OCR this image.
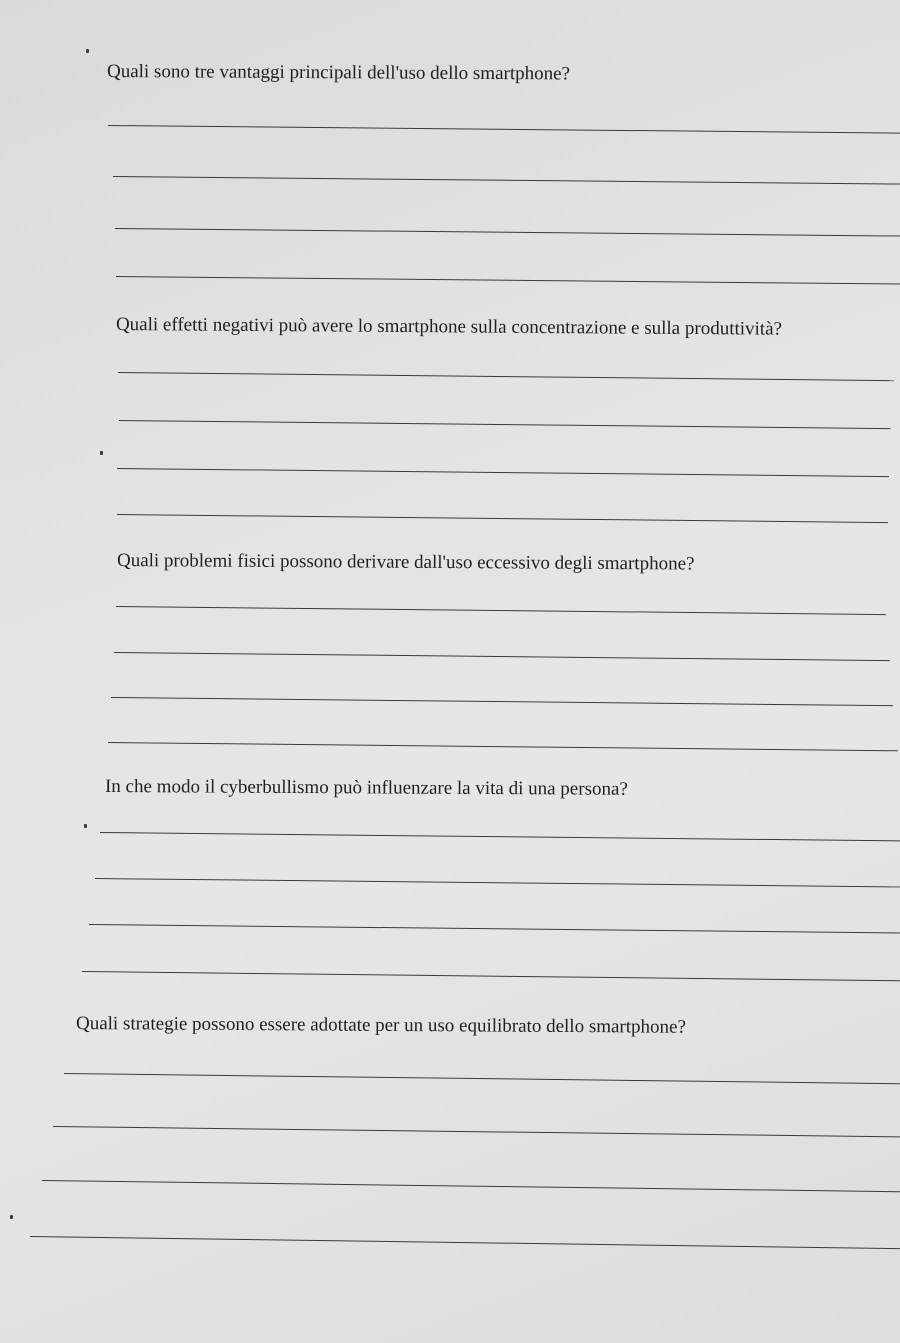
Quali sono tre vantaggi principali dell'uso dello smartphone?

Quali effetti negativi può avere lo smartphone sulla concentrazione e sulla produttività?

Quali problemi fisici possono derivare dall'uso eccessivo degli smartphone?

In che modo il cyberbullismo può influenzare la vita di una persona?

Quali strategie possono essere adottate per un uso equilibrato dello smartphone?
